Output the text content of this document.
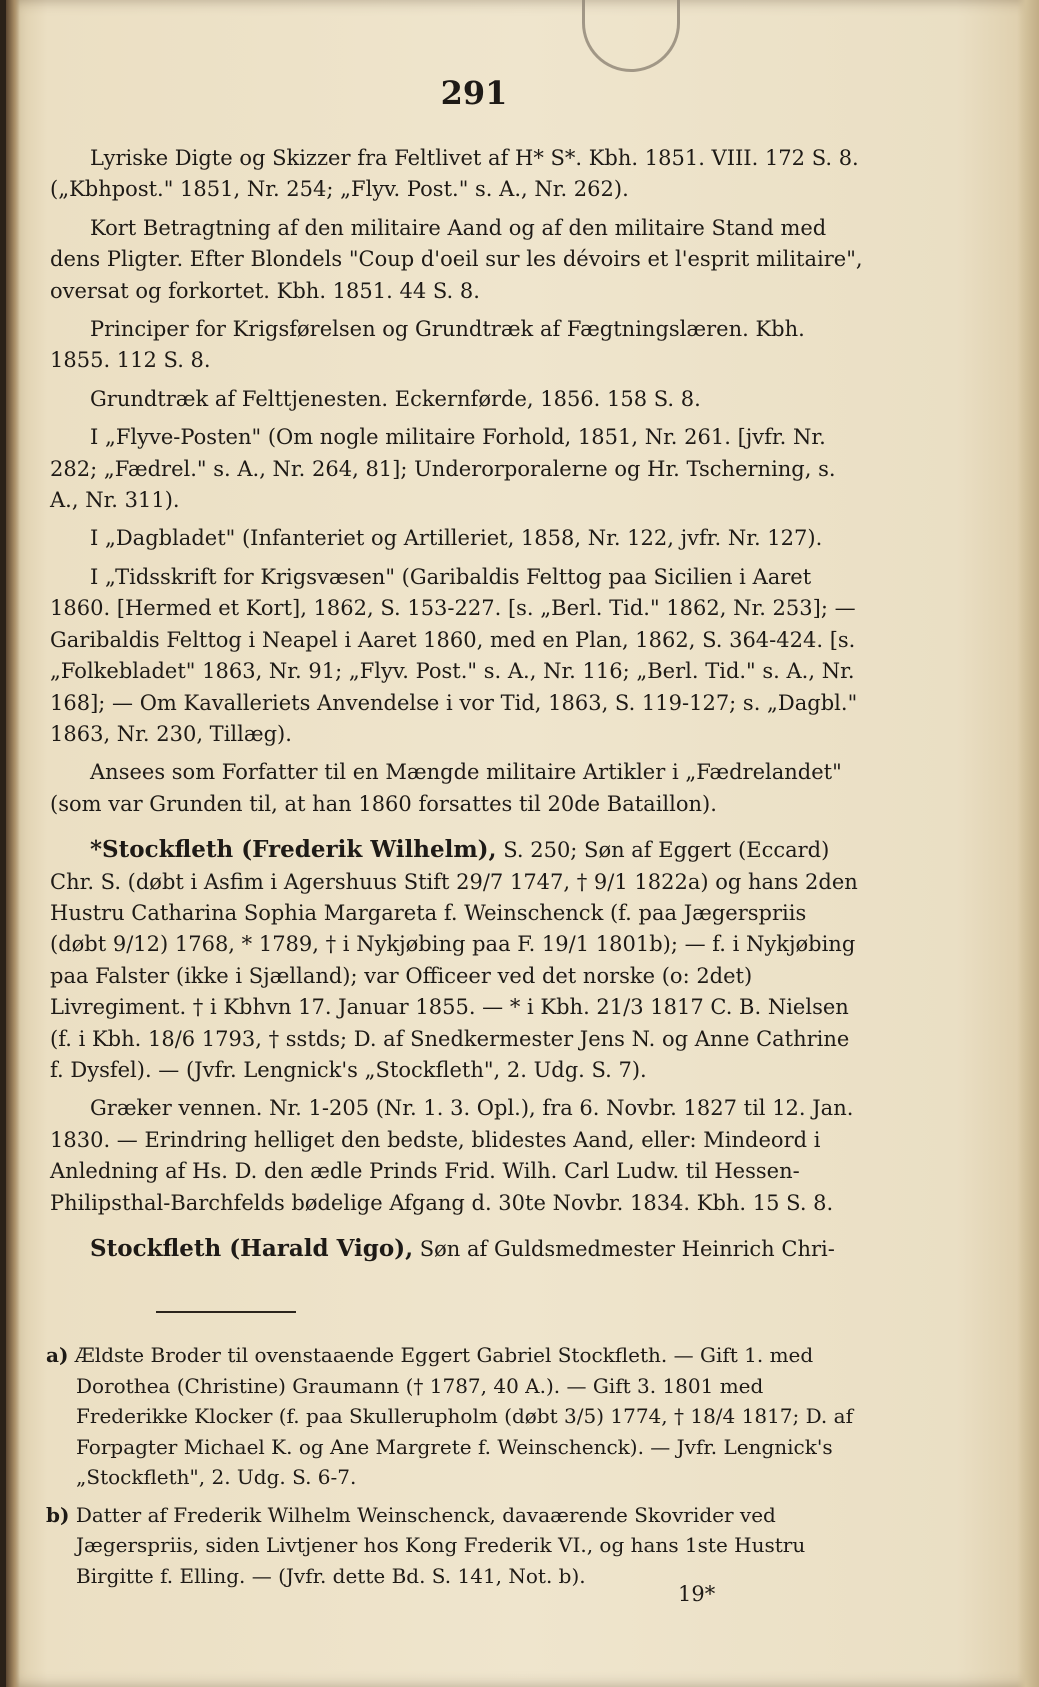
291

Lyriske Digte og Skizzer fra Feltlivet af H* S*. Kbh. 1851. VIII. 172 S. 8. („Kbhpost." 1851, Nr. 254; „Flyv. Post." s. A., Nr. 262).

Kort Betragtning af den militaire Aand og af den militaire Stand med dens Pligter. Efter Blondels "Coup d'oeil sur les dévoirs et l'esprit militaire", oversat og forkortet. Kbh. 1851. 44 S. 8.

Principer for Krigsførelsen og Grundtræk af Fægtningslæren. Kbh. 1855. 112 S. 8.

Grundtræk af Felttjenesten. Eckernførde, 1856. 158 S. 8.

I „Flyve-Posten" (Om nogle militaire Forhold, 1851, Nr. 261. [jvfr. Nr. 282; „Fædrel." s. A., Nr. 264, 81]; Underorporalerne og Hr. Tscherning, s. A., Nr. 311).

I „Dagbladet" (Infanteriet og Artilleriet, 1858, Nr. 122, jvfr. Nr. 127).

I „Tidsskrift for Krigsvæsen" (Garibaldis Felttog paa Sicilien i Aaret 1860. [Hermed et Kort], 1862, S. 153-227. [s. „Berl. Tid." 1862, Nr. 253]; — Garibaldis Felttog i Neapel i Aaret 1860, med en Plan, 1862, S. 364-424. [s. „Folkebladet" 1863, Nr. 91; „Flyv. Post." s. A., Nr. 116; „Berl. Tid." s. A., Nr. 168]; — Om Kavalleriets Anvendelse i vor Tid, 1863, S. 119-127; s. „Dagbl." 1863, Nr. 230, Tillæg).

Ansees som Forfatter til en Mængde militaire Artikler i „Fædrelandet" (som var Grunden til, at han 1860 forsattes til 20de Bataillon).

*Stockfleth (Frederik Wilhelm), S. 250; Søn af Eggert (Eccard) Chr. S. (døbt i Asfim i Agershuus Stift 29/7 1747, † 9/1 1822a) og hans 2den Hustru Catharina Sophia Margareta f. Weinschenck (f. paa Jægerspriis (døbt 9/12) 1768, * 1789, † i Nykjøbing paa F. 19/1 1801b); — f. i Nykjøbing paa Falster (ikke i Sjælland); var Officeer ved det norske (o: 2det) Livregiment. † i Kbhvn 17. Januar 1855. — * i Kbh. 21/3 1817 C. B. Nielsen (f. i Kbh. 18/6 1793, † sstds; D. af Snedkermester Jens N. og Anne Cathrine f. Dysfel). — (Jvfr. Lengnick's „Stockfleth", 2. Udg. S. 7).

Græker vennen. Nr. 1-205 (Nr. 1. 3. Opl.), fra 6. Novbr. 1827 til 12. Jan. 1830. — Erindring helliget den bedste, blidestes Aand, eller: Mindeord i Anledning af Hs. D. den ædle Prinds Frid. Wilh. Carl Ludw. til Hessen-Philipsthal-Barchfelds bødelige Afgang d. 30te Novbr. 1834. Kbh. 15 S. 8.

Stockfleth (Harald Vigo), Søn af Guldsmedmester Heinrich Chri-

a) Ældste Broder til ovenstaaende Eggert Gabriel Stockfleth. — Gift 1. med Dorothea (Christine) Graumann († 1787, 40 A.). — Gift 3. 1801 med Frederikke Klocker (f. paa Skullerupholm (døbt 3/5) 1774, † 18/4 1817; D. af Forpagter Michael K. og Ane Margrete f. Weinschenck). — Jvfr. Lengnick's „Stockfleth", 2. Udg. S. 6-7.

b) Datter af Frederik Wilhelm Weinschenck, davaærende Skovrider ved Jægerspriis, siden Livtjener hos Kong Frederik VI., og hans 1ste Hustru Birgitte f. Elling. — (Jvfr. dette Bd. S. 141, Not. b).

19*
